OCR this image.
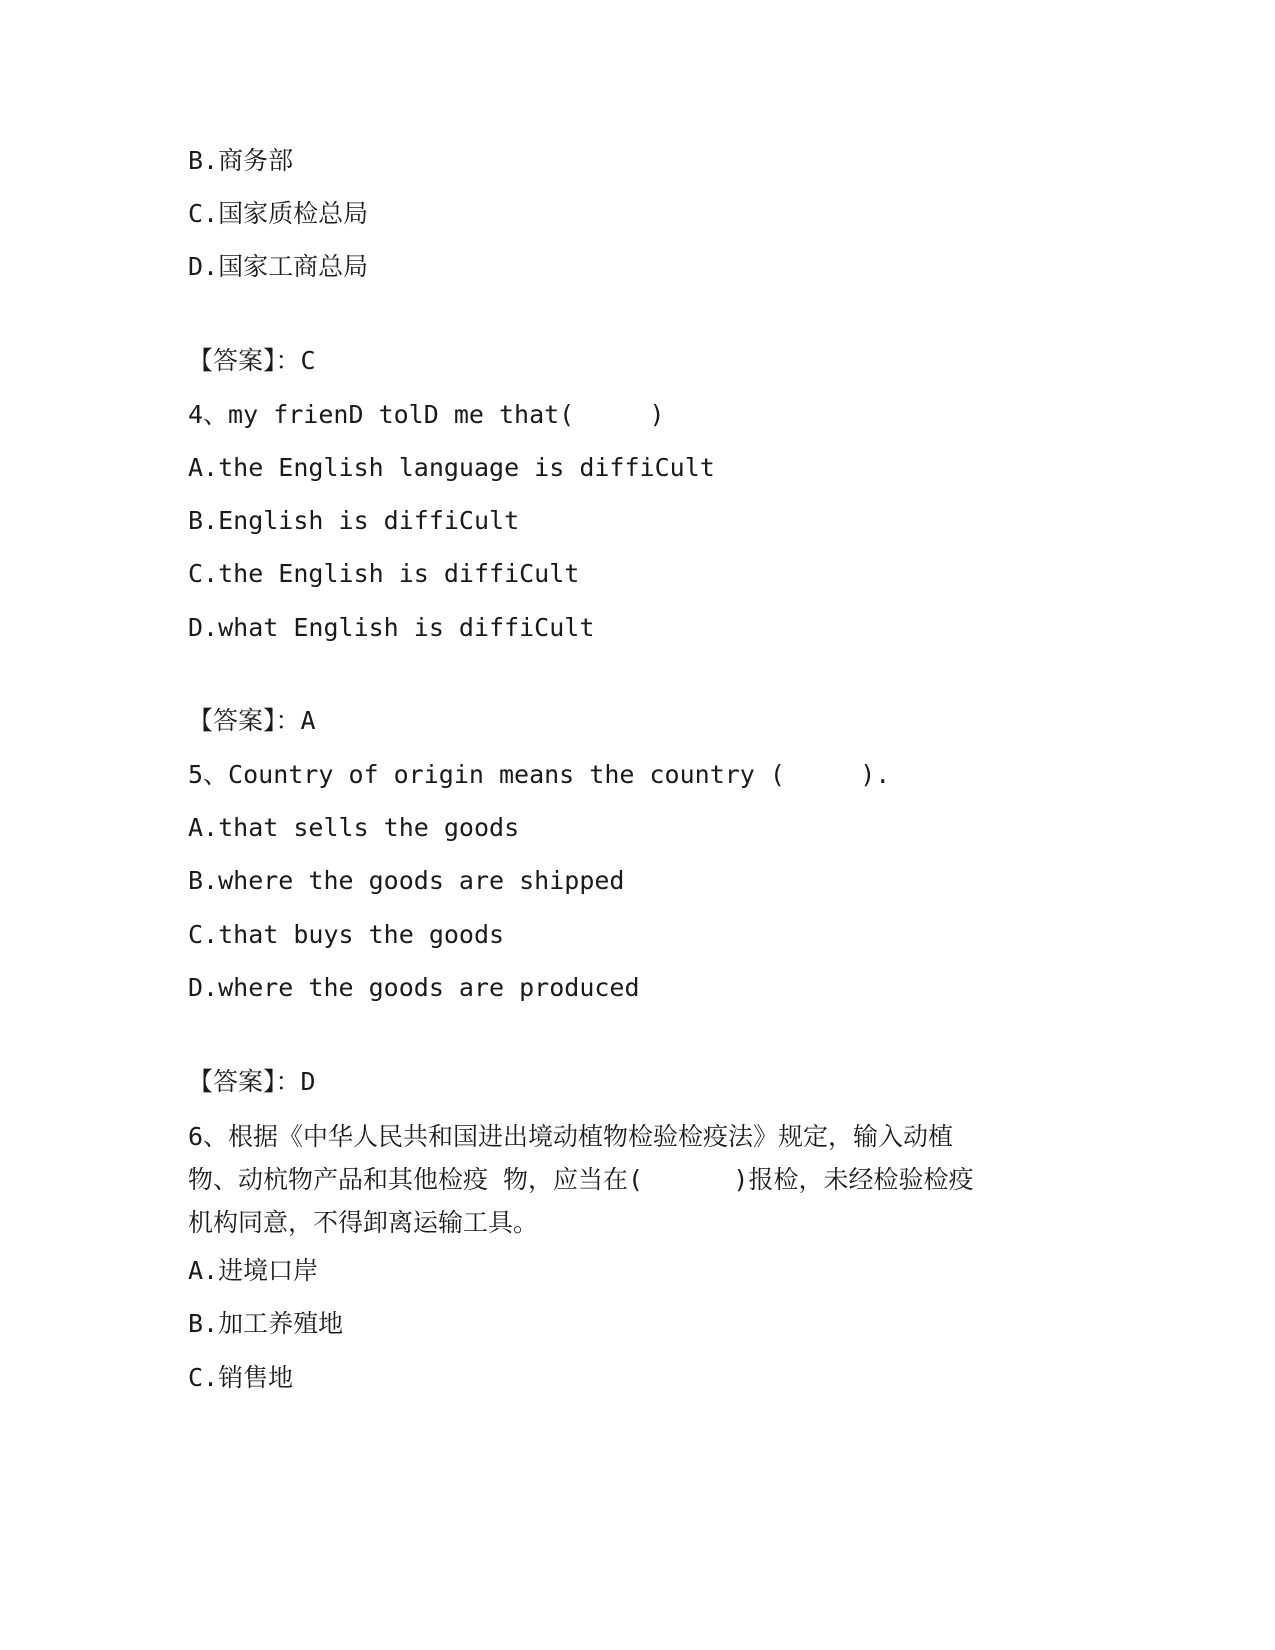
B.商务部
C.国家质检总局
D.国家工商总局
【答案】：C
4、my frienD tolD me that(     )
A.the English language is diffiCult
B.English is diffiCult
C.the English is diffiCult
D.what English is diffiCult
【答案】：A
5、Country of origin means the country (     ).
A.that sells the goods
B.where the goods are shipped
C.that buys the goods
D.where the goods are produced
【答案】：D
6、根据《中华人民共和国进出境动植物检验检疫法》规定，输入动植
物、动杭物产品和其他检疫 物，应当在(      )报检，未经检验检疫
机构同意，不得卸离运输工具。
A.进境口岸
B.加工养殖地
C.销售地
